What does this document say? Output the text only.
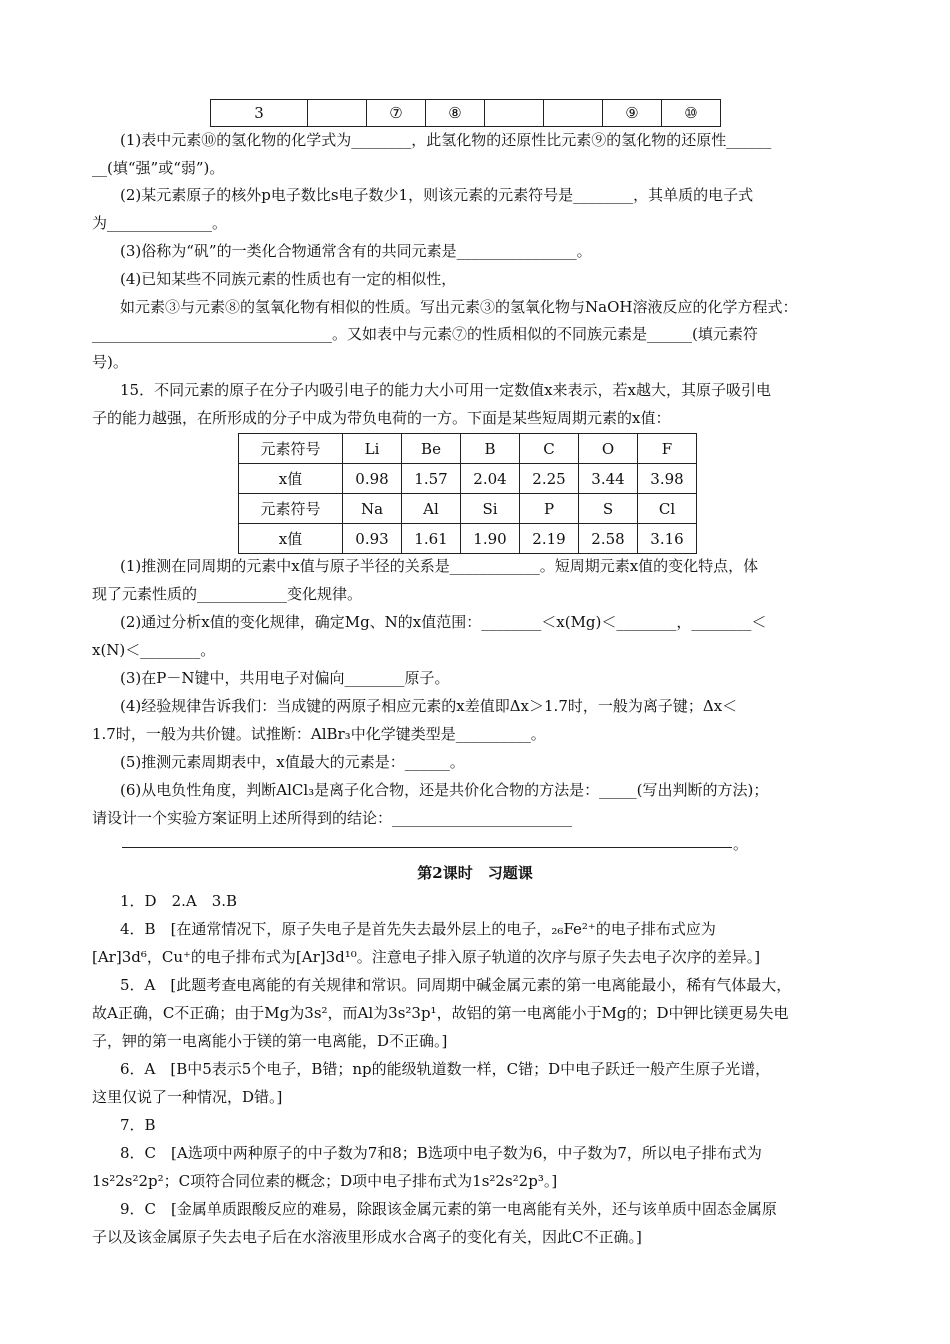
3		⑦	⑧			⑨	⑩
(1)表中元素⑩的氢化物的化学式为________，此氢化物的还原性比元素⑨的氢化物的还原性______
__(填“强”或“弱”)。
(2)某元素原子的核外p电子数比s电子数少1，则该元素的元素符号是________，其单质的电子式
为______________。
(3)俗称为“矾”的一类化合物通常含有的共同元素是________________。
(4)已知某些不同族元素的性质也有一定的相似性，
如元素③与元素⑧的氢氧化物有相似的性质。写出元素③的氢氧化物与NaOH溶液反应的化学方程式：
________________________________。又如表中与元素⑦的性质相似的不同族元素是______(填元素符
号)。
15．不同元素的原子在分子内吸引电子的能力大小可用一定数值x来表示，若x越大，其原子吸引电
子的能力越强，在所形成的分子中成为带负电荷的一方。下面是某些短周期元素的x值：
元素符号	Li	Be	B	C	O	F
x值	0.98	1.57	2.04	2.25	3.44	3.98
元素符号	Na	Al	Si	P	S	Cl
x值	0.93	1.61	1.90	2.19	2.58	3.16
(1)推测在同周期的元素中x值与原子半径的关系是____________。短周期元素x值的变化特点，体
现了元素性质的____________变化规律。
(2)通过分析x值的变化规律，确定Mg、N的x值范围：________＜x(Mg)＜________，________＜
x(N)＜________。
(3)在P－N键中，共用电子对偏向________原子。
(4)经验规律告诉我们：当成键的两原子相应元素的x差值即Δx＞1.7时，一般为离子键；Δx＜
1.7时，一般为共价键。试推断：AlBr₃中化学键类型是__________。
(5)推测元素周期表中，x值最大的元素是：______。
(6)从电负性角度，判断AlCl₃是离子化合物，还是共价化合物的方法是：_____(写出判断的方法)；
请设计一个实验方案证明上述所得到的结论：________________________
。
第2课时　习题课
1．D　2.A　3.B
4．B　[在通常情况下，原子失电子是首先失去最外层上的电子，₂₆Fe²⁺的电子排布式应为
[Ar]3d⁶，Cu⁺的电子排布式为[Ar]3d¹⁰。注意电子排入原子轨道的次序与原子失去电子次序的差异。]
5．A　[此题考查电离能的有关规律和常识。同周期中碱金属元素的第一电离能最小，稀有气体最大，
故A正确，C不正确；由于Mg为3s²，而Al为3s²3p¹，故铝的第一电离能小于Mg的；D中钾比镁更易失电
子，钾的第一电离能小于镁的第一电离能，D不正确。]
6．A　[B中5表示5个电子，B错；np的能级轨道数一样，C错；D中电子跃迁一般产生原子光谱，
这里仅说了一种情况，D错。]
7．B
8．C　[A选项中两种原子的中子数为7和8；B选项中电子数为6，中子数为7，所以电子排布式为
1s²2s²2p²；C项符合同位素的概念；D项中电子排布式为1s²2s²2p³。]
9．C　[金属单质跟酸反应的难易，除跟该金属元素的第一电离能有关外，还与该单质中固态金属原
子以及该金属原子失去电子后在水溶液里形成水合离子的变化有关，因此C不正确。]
